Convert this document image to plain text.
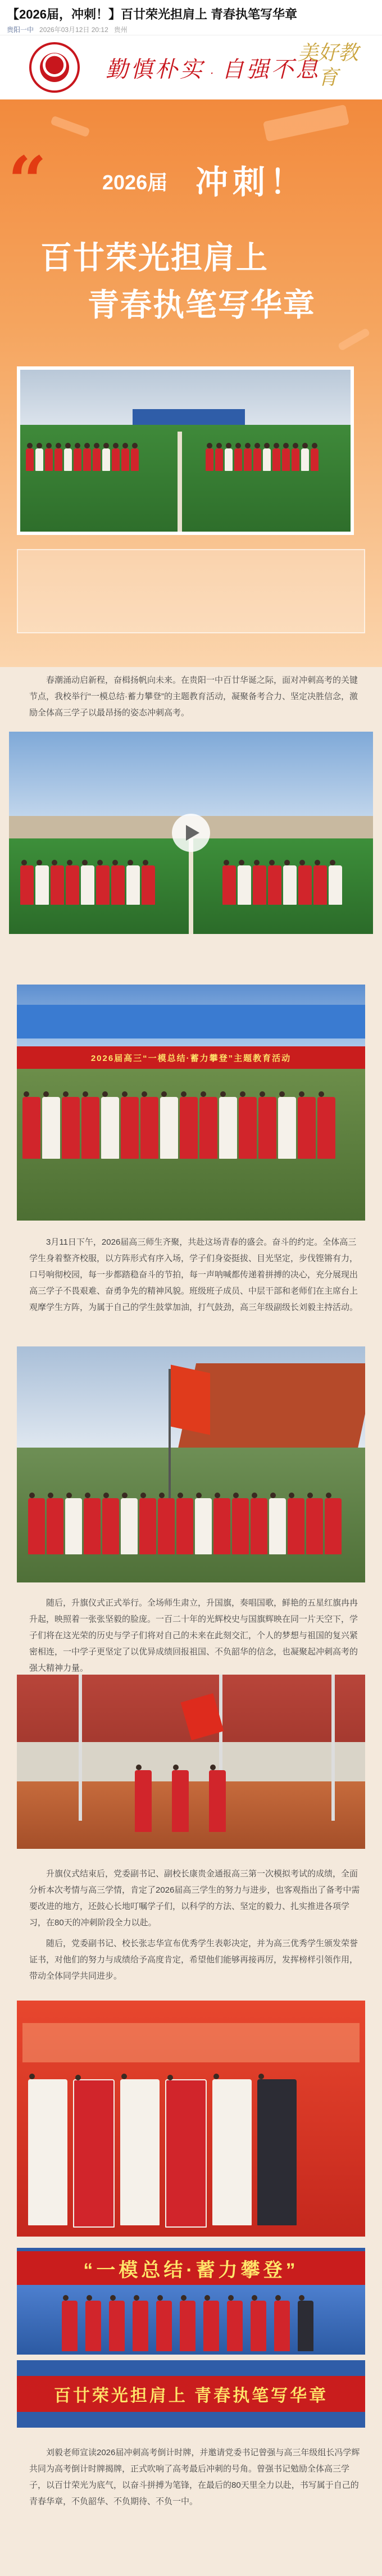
【2026届，冲刺！】百廿荣光担肩上 青春执笔写华章
贵阳一中 2026年03月12日 20:12 贵州
勤慎朴实 · 自强不息
美好教育
“	2026届 冲刺！
百廿荣光担肩上
青春执笔写华章
春潮涌动启新程，奋楫扬帆向未来。在贵阳一中百廿华诞之际，面对冲刺高考的关键节点，我校举行“一模总结·蓄力攀登”的主题教育活动，凝聚备考合力、坚定决胜信念，激励全体高三学子以最昂扬的姿态冲刺高考。
2026届高三“一模总结·蓄力攀登”主题教育活动
3月11日下午，2026届高三师生齐聚，共赴这场青春的盛会。奋斗的约定。全体高三学生身着整齐校服，以方阵形式有序入场，学子们身姿挺拔、目光坚定，步伐铿锵有力，口号响彻校园，每一步都踏稳奋斗的节拍，每一声呐喊都传递着拼搏的决心，充分展现出高三学子不畏艰难、奋勇争先的精神风貌。班级班子成员、中层干部和老师们在主席台上观摩学生方阵，为属于自己的学生鼓掌加油，打气鼓劲，高三年级副级长刘毅主持活动。
随后，升旗仪式正式举行。全场师生肃立，升国旗，奏唱国歌，鲜艳的五星红旗冉冉升起，映照着一张张坚毅的脸庞。一百二十年的光辉校史与国旗辉映在同一片天空下，学子们将在这光荣的历史与学子们将对自己的未来在此刻交汇，个人的梦想与祖国的复兴紧密相连，一中学子更坚定了以优异成绩回报祖国、不负韶华的信念，也凝聚起冲刺高考的强大精神力量。
升旗仪式结束后，党委副书记、副校长康贵金通报高三第一次模拟考试的成绩，全面分析本次考情与高三学情，肯定了2026届高三学生的努力与进步，也客观指出了备考中需要改进的地方，还鼓心长地叮嘱学子们，以科学的方法、坚定的毅力、扎实推进各项学习，在80天的冲刺阶段全力以赴。
随后，党委副书记、校长张志华宣布优秀学生表彰决定，并为高三优秀学生颁发荣誉证书，对他们的努力与成绩给予高度肯定，希望他们能够再接再厉，发挥榜样引领作用，带动全体同学共同进步。
“一模总结·蓄力攀登”
百廿荣光担肩上 青春执笔写华章
刘毅老师宣读2026届冲刺高考倒计时牌，并邀请党委书记曾强与高三年级组长冯学辉共同为高考倒计时牌揭牌，正式吹响了高考最后冲刺的号角。曾强书记勉励全体高三学子，以百廿荣光为底气，以奋斗拼搏为笔锋，在最后的80天里全力以赴，书写属于自己的青春华章，不负韶华、不负期待、不负一中。
